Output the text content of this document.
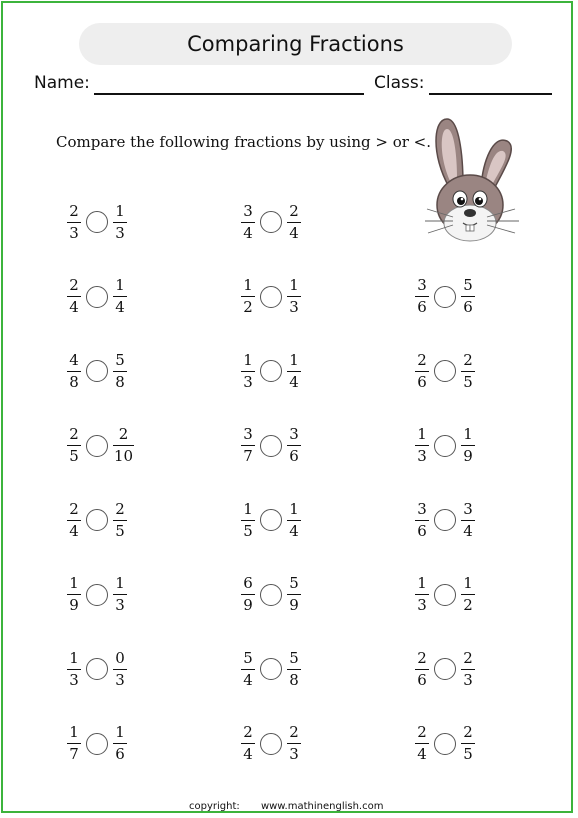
Comparing Fractions
Name:	Class:
Compare the following fractions by using > or <.
$\frac{2}{3} \frac{1}{3}$	$\frac{3}{4} \frac{2}{4}$
$\frac{2}{4} \frac{1}{4}$	$\frac{1}{2} \frac{1}{3}$	$\frac{3}{6} \frac{5}{6}$
$\frac{4}{8} \frac{5}{8}$	$\frac{1}{3} \frac{1}{4}$	$\frac{2}{6} \frac{2}{5}$
$\frac{2}{5} \frac{2}{10}$	$\frac{3}{7} \frac{3}{6}$	$\frac{1}{3} \frac{1}{9}$
$\frac{2}{4} \frac{2}{5}$	$\frac{1}{5} \frac{1}{4}$	$\frac{3}{6} \frac{3}{4}$
$\frac{1}{9} \frac{1}{3}$	$\frac{6}{9} \frac{5}{9}$	$\frac{1}{3} \frac{1}{2}$
$\frac{1}{3} \frac{0}{3}$	$\frac{5}{4} \frac{5}{8}$	$\frac{2}{6} \frac{2}{3}$
$\frac{1}{7} \frac{1}{6}$	$\frac{2}{4} \frac{2}{3}$	$\frac{2}{4} \frac{2}{5}$
copyright: www.mathinenglish.com
